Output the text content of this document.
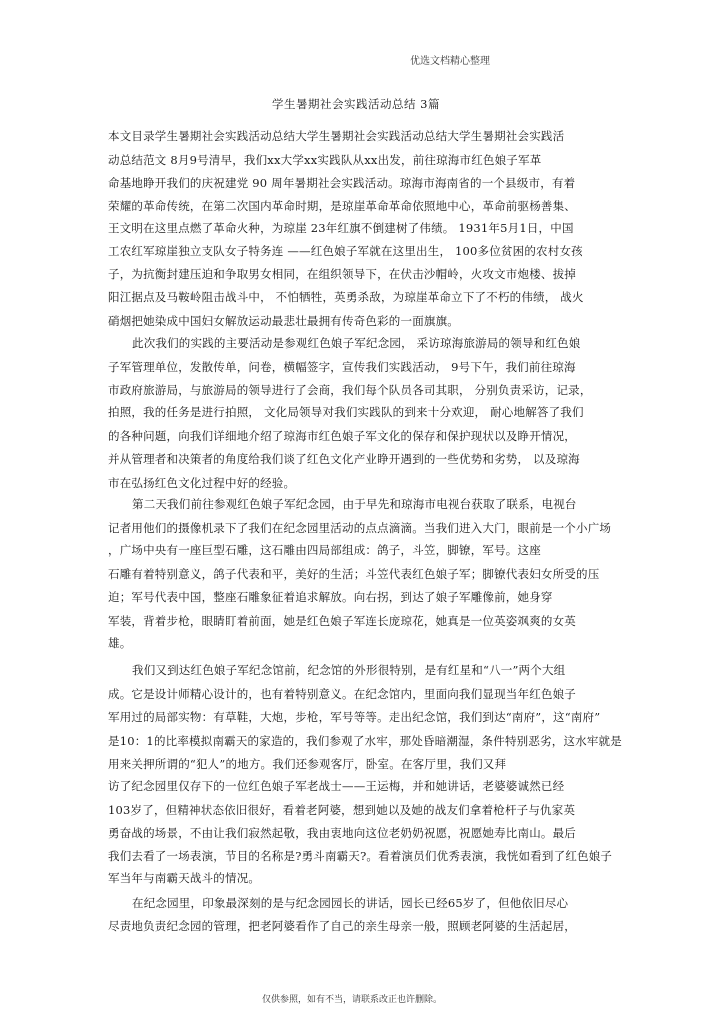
优选文档精心整理
学生暑期社会实践活动总结 3篇
本文目录学生暑期社会实践活动总结大学生暑期社会实践活动总结大学生暑期社会实践活
动总结范文 8月9号清早，我们xx大学xx实践队从xx出发，前往琼海市红色娘子军革
命基地睁开我们的庆祝建党 90 周年暑期社会实践活动。琼海市海南省的一个县级市，有着
荣耀的革命传统，在第二次国内革命时期，是琼崖革命革命依照地中心，革命前驱杨善集、
王文明在这里点燃了革命火种，为琼崖 23年红旗不倒建树了伟绩。 1931年5月1日，中国
工农红军琼崖独立支队女子特务连 ——红色娘子军就在这里出生， 100多位贫困的农村女孩
子，为抗衡封建压迫和争取男女相同，在组织领导下，在伏击沙帽岭，火攻文市炮楼、拔掉
阳江据点及马鞍岭阻击战斗中， 不怕牺牲，英勇杀敌，为琼崖革命立下了不朽的伟绩， 战火
硝烟把她染成中国妇女解放运动最悲壮最拥有传奇色彩的一面旗旗。
此次我们的实践的主要活动是参观红色娘子军纪念园， 采访琼海旅游局的领导和红色娘
子军管理单位，发散传单，问卷，横幅签字，宣传我们实践活动， 9号下午，我们前往琼海
市政府旅游局，与旅游局的领导进行了会商，我们每个队员各司其职， 分别负责采访，记录，
拍照，我的任务是进行拍照， 文化局领导对我们实践队的到来十分欢迎， 耐心地解答了我们
的各种问题，向我们详细地介绍了琼海市红色娘子军文化的保存和保护现状以及睁开情况，
并从管理者和决策者的角度给我们谈了红色文化产业睁开遇到的一些优势和劣势， 以及琼海
市在弘扬红色文化过程中好的经验。
第二天我们前往参观红色娘子军纪念园，由于早先和琼海市电视台获取了联系，电视台
记者用他们的摄像机录下了我们在纪念园里活动的点点滴滴。当我们进入大门，眼前是一个小广场
，广场中央有一座巨型石雕，这石雕由四局部组成：鸽子，斗笠，脚镣，军号。这座
石雕有着特别意义，鸽子代表和平，美好的生活；斗笠代表红色娘子军；脚镣代表妇女所受的压
迫；军号代表中国，整座石雕象征着追求解放。向右拐，到达了娘子军雕像前，她身穿
军装，背着步枪，眼睛盯着前面，她是红色娘子军连长庞琼花，她真是一位英姿飒爽的女英
雄。
我们又到达红色娘子军纪念馆前，纪念馆的外形很特别，是有红星和“八一”两个大组
成。它是设计师精心设计的，也有着特别意义。在纪念馆内，里面向我们显现当年红色娘子
军用过的局部实物：有草鞋，大炮，步枪，军号等等。走出纪念馆，我们到达“南府”，这“南府”
是10：1的比率模拟南霸天的家造的，我们参观了水牢，那处昏暗潮湿，条件特别恶劣，这水牢就是
用来关押所谓的“犯人”的地方。我们还参观客厅，卧室。在客厅里，我们又拜
访了纪念园里仅存下的一位红色娘子军老战士——王运梅，并和她讲话，老婆婆诚然已经
103岁了，但精神状态依旧很好，看着老阿婆，想到她以及她的战友们拿着枪杆子与仇家英
勇奋战的场景，不由让我们寂然起敬，我由衷地向这位老奶奶祝愿，祝愿她寿比南山。最后
我们去看了一场表演，节目的名称是?勇斗南霸天?。看着演员们优秀表演，我恍如看到了红色娘子
军当年与南霸天战斗的情况。
在纪念园里，印象最深刻的是与纪念园园长的讲话，园长已经65岁了，但他依旧尽心
尽责地负责纪念园的管理，把老阿婆看作了自己的亲生母亲一般，照顾老阿婆的生活起居，
仅供参照，如有不当，请联系改正也许删除。
